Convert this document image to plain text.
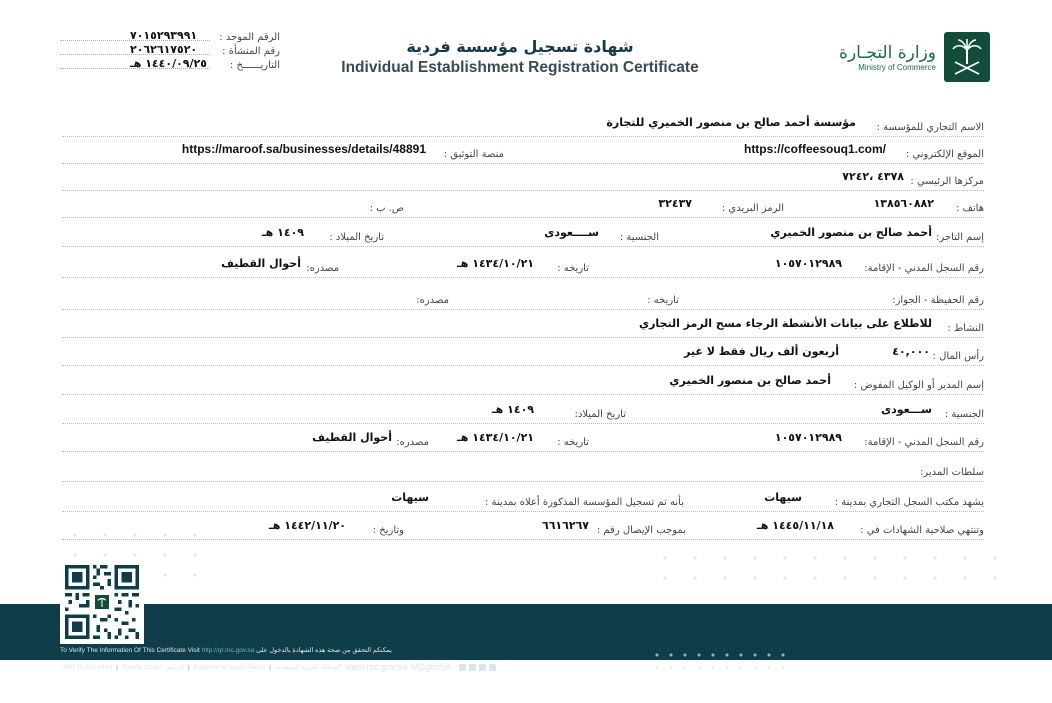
وزارة التجـارة
Ministry of Commerce
شهادة تسجيل مؤسسة فردية
Individual Establishment Registration Certificate
الرقم الموحد :
٧٠١٥٢٩٣٩٩١
رقم المنشأة :
٢٠٦٢٦١٧٥٢٠
التاريــــــخ :
١٤٤٠/٠٩/٢٥ هـ
الاسم التجاري للمؤسسة :
مؤسسة أحمد صالح بن منصور الخميري للتجارة
الموقع الإلكتروني :
https://coffeesouq1.com/
منصة التوثيق :
https://maroof.sa/businesses/details/48891
مركزها الرئيسي :
٤٣٧٨ ،٧٢٤٢
هاتف :
١٣٨٥٦٠٨٨٢
الرمز البريدي :
٣٢٤٣٧
ص. ب :
إسم التاجر:
أحمد صالح بن منصور الخميري
الجنسية :
ســــعودى
تاريخ الميلاد :
١٤٠٩ هـ
رقم السجل المدني - الإقامة:
١٠٥٧٠١٢٩٨٩
تاريخه :
١٤٣٤/١٠/٢١ هـ
مصدره:
أحوال القطيف
رقم الحفيظة - الجواز:
تاريخه :
مصدره:
النشاط :
للاطلاع على بيانات الأنشطة الرجاء مسح الرمز التجاري
رأس المال :
٤٠,٠٠٠
أربعون ألف ريال فقط لا غير
إسم المدير أو الوكيل المفوض :
أحمد صالح بن منصور الخميري
الجنسية :
ســـعودى
تاريخ الميلاد:
١٤٠٩ هـ
رقم السجل المدني - الإقامة:
١٠٥٧٠١٢٩٨٩
تاريخه :
١٤٣٤/١٠/٢١ هـ
مصدره:
أحوال القطيف
سلطات المدير:
يشهد مكتب السجل التجاري بمدينة :
سيهات
بأنه تم تسجيل المؤسسة المذكورة أعلاه بمدينة :
سيهات
وتنتهي صلاحية الشهادات في :
١٤٤٥/١١/١٨ هـ
بموجب الإيصال رقم :
٦٦١٦٢٦٧
وتاريخ :
١٤٤٢/١١/٢٠ هـ
To Verify The Information Of This Certificate Visit http://qr.mc.gov.sa يمكنكم التحقق من صحة هذه الشهادة بالدخول على
+966 11 294 4444 | Riyadh 11162 الرياض | Kingdom of Saudi Arabia | المملكة العربية السعودية www.mc.gov.sa MCgovSA
